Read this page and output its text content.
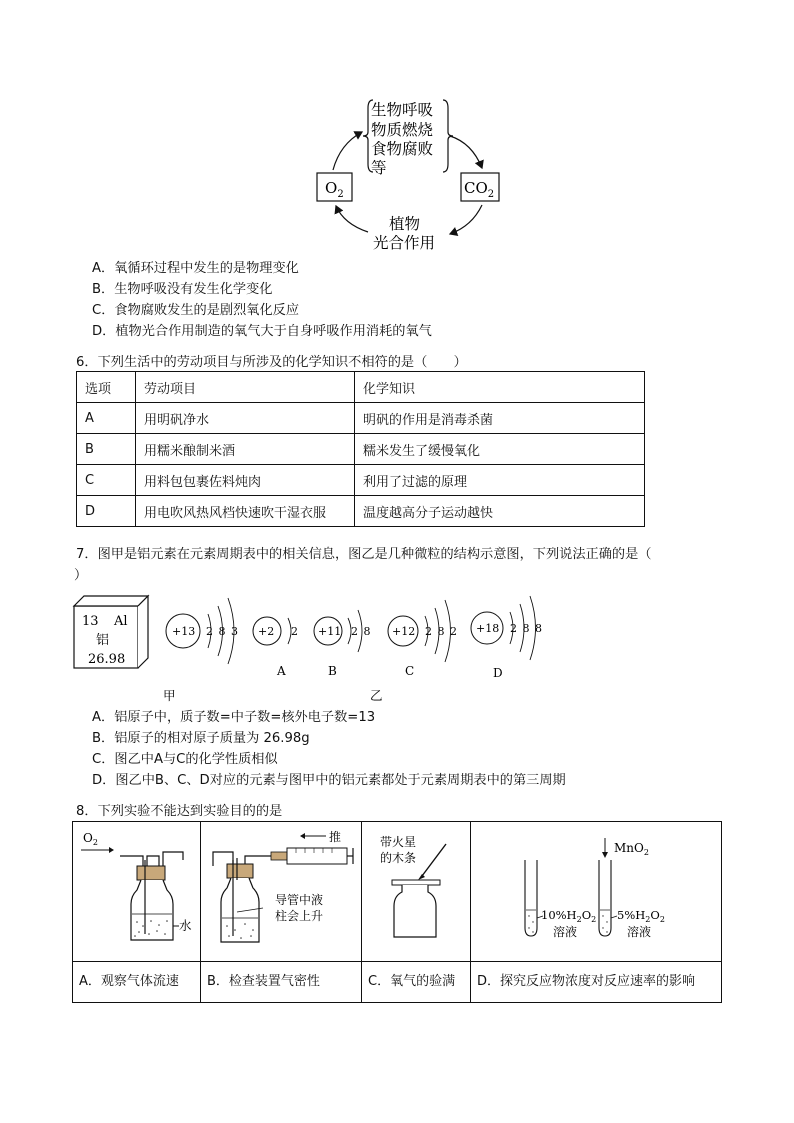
$O_2$	$CO_2$
生物呼吸
物质燃烧
食物腐败
等
植物
光合作用
A．氧循环过程中发生的是物理变化
B．生物呼吸没有发生化学变化
C．食物腐败发生的是剧烈氧化反应
D．植物光合作用制造的氧气大于自身呼吸作用消耗的氧气
6．下列生活中的劳动项目与所涉及的化学知识不相符的是（　　）
选项	劳动项目	化学知识
A	用明矾净水	明矾的作用是消毒杀菌
B	用糯米酿制米酒	糯米发生了缓慢氧化
C	用料包包裹佐料炖肉	利用了过滤的原理
D	用电吹风热风档快速吹干湿衣服	温度越高分子运动越快
7．图甲是铝元素在元素周期表中的相关信息，图乙是几种微粒的结构示意图，下列说法正确的是（
）
13 Al
铝
26.98
+13 2 8 3 +2 2
A
+11 2 8
B
+12 2 8 2
C
+18 2 8 8
D
甲	乙
A．铝原子中，质子数=中子数=核外电子数=13
B．铝原子的相对原子质量为 26.98g
C．图乙中A与C的化学性质相似
D．图乙中B、C、D对应的元素与图甲中的铝元素都处于元素周期表中的第三周期
8．下列实验不能达到实验目的的是
$O_2$
水	推
导管中液
柱会上升	带火星
的木条	MnO$_2$
$10\%H_2O_2$
溶液
$5\%H_2O_2$
溶液

A．观察气体流速	B．检查装置气密性	C．氧气的验满	D．探究反应物浓度对反应速率的影响
